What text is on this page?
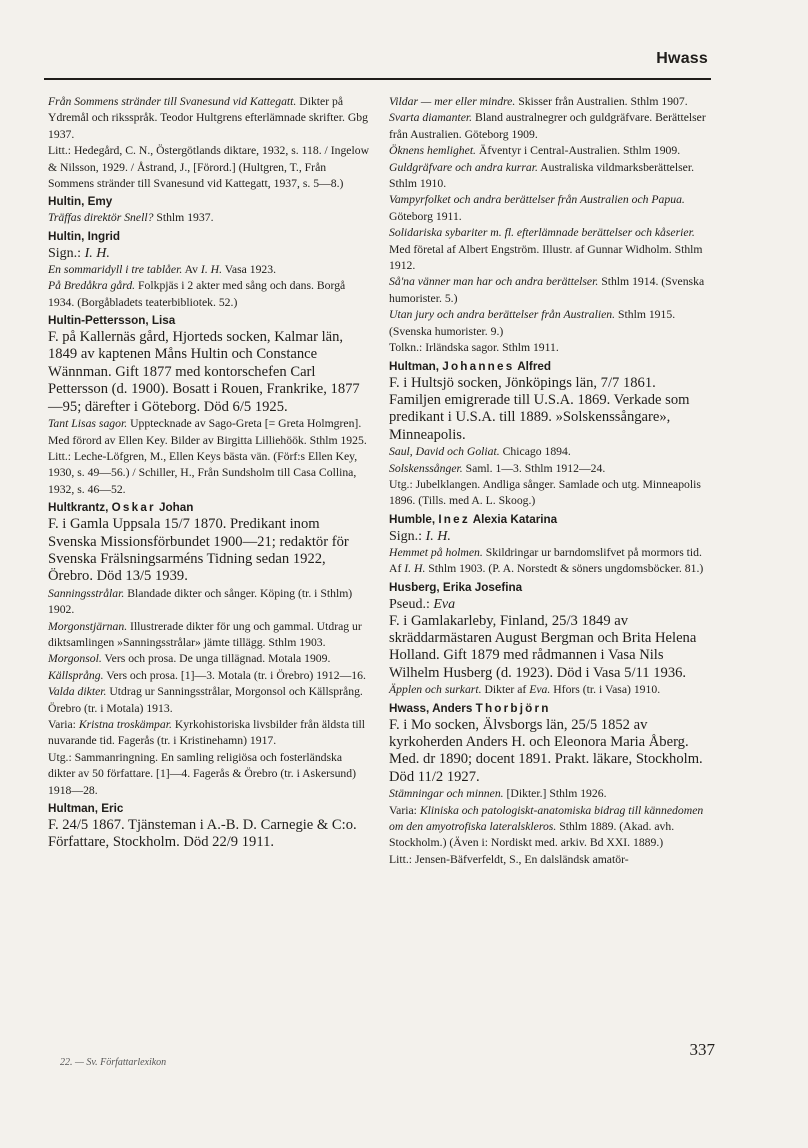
Hwass

Från Sommens stränder till Svanesund vid Kattegatt. Dikter på Ydremål och riksspråk. Teodor Hultgrens efterlämnade skrifter. Gbg 1937.

Litt.: Hedegård, C. N., Östergötlands diktare, 1932, s. 118. / Ingelow & Nilsson, 1929. / Åstrand, J., [Förord.] (Hultgren, T., Från Sommens stränder till Svanesund vid Kattegatt, 1937, s. 5—8.)

Hultin, Emy

Träffas direktör Snell? Sthlm 1937.

Hultin, Ingrid

Sign.: I. H.

En sommaridyll i tre tablåer. Av I. H. Vasa 1923.

På Bredåkra gård. Folkpjäs i 2 akter med sång och dans. Borgå 1934. (Borgåbladets teaterbibliotek. 52.)

Hultin-Pettersson, Lisa

F. på Kallernäs gård, Hjorteds socken, Kalmar län, 1849 av kaptenen Måns Hultin och Constance Wännman. Gift 1877 med kontorschefen Carl Pettersson (d. 1900). Bosatt i Rouen, Frankrike, 1877—95; därefter i Göteborg. Död 6/5 1925.

Tant Lisas sagor. Upptecknade av Sago-Greta [= Greta Holmgren]. Med förord av Ellen Key. Bilder av Birgitta Lilliehöök. Sthlm 1925.

Litt.: Leche-Löfgren, M., Ellen Keys bästa vän. (Förf:s Ellen Key, 1930, s. 49—56.) / Schiller, H., Från Sundsholm till Casa Collina, 1932, s. 46—52.

Hultkrantz, Oskar Johan

F. i Gamla Uppsala 15/7 1870. Predikant inom Svenska Missionsförbundet 1900—21; redaktör för Svenska Frälsningsarméns Tidning sedan 1922, Örebro. Död 13/5 1939.

Sanningsstrålar. Blandade dikter och sånger. Köping (tr. i Sthlm) 1902.

Morgonstjärnan. Illustrerade dikter för ung och gammal. Utdrag ur diktsamlingen »Sanningsstrålar» jämte tillägg. Sthlm 1903.

Morgonsol. Vers och prosa. De unga tillägnad. Motala 1909.

Källsprång. Vers och prosa. [1]—3. Motala (tr. i Örebro) 1912—16.

Valda dikter. Utdrag ur Sanningsstrålar, Morgonsol och Källsprång. Örebro (tr. i Motala) 1913.

Varia: Kristna troskämpar. Kyrkohistoriska livsbilder från äldsta till nuvarande tid. Fagerås (tr. i Kristinehamn) 1917.

Utg.: Sammanringning. En samling religiösa och fosterländska dikter av 50 författare. [1]—4. Fagerås & Örebro (tr. i Askersund) 1918—28.

Hultman, Eric

F. 24/5 1867. Tjänsteman i A.-B. D. Carnegie & C:o. Författare, Stockholm. Död 22/9 1911.

Vildar — mer eller mindre. Skisser från Australien. Sthlm 1907.

Svarta diamanter. Bland australnegrer och guldgräfvare. Berättelser från Australien. Göteborg 1909.

Öknens hemlighet. Äfventyr i Central-Australien. Sthlm 1909.

Guldgräfvare och andra kurrar. Australiska vildmarksberättelser. Sthlm 1910.

Vampyrfolket och andra berättelser från Australien och Papua. Göteborg 1911.

Solidariska sybariter m. fl. efterlämnade berättelser och kåserier. Med företal af Albert Engström. Illustr. af Gunnar Widholm. Sthlm 1912.

Så'na vänner man har och andra berättelser. Sthlm 1914. (Svenska humorister. 5.)

Utan jury och andra berättelser från Australien. Sthlm 1915. (Svenska humorister. 9.)

Tolkn.: Irländska sagor. Sthlm 1911.

Hultman, Johannes Alfred

F. i Hultsjö socken, Jönköpings län, 7/7 1861. Familjen emigrerade till U.S.A. 1869. Verkade som predikant i U.S.A. till 1889. »Solskenssångare», Minneapolis.

Saul, David och Goliat. Chicago 1894.

Solskenssånger. Saml. 1—3. Sthlm 1912—24.

Utg.: Jubelklangen. Andliga sånger. Samlade och utg. Minneapolis 1896. (Tills. med A. L. Skoog.)

Humble, Inez Alexia Katarina

Sign.: I. H.

Hemmet på holmen. Skildringar ur barndomslifvet på mormors tid. Af I. H. Sthlm 1903. (P. A. Norstedt & söners ungdomsböcker. 81.)

Husberg, Erika Josefina

Pseud.: Eva

F. i Gamlakarleby, Finland, 25/3 1849 av skräddarmästaren August Bergman och Brita Helena Holland. Gift 1879 med rådmannen i Vasa Nils Wilhelm Husberg (d. 1923). Död i Vasa 5/11 1936.

Äpplen och surkart. Dikter af Eva. Hfors (tr. i Vasa) 1910.

Hwass, Anders Thorbjörn

F. i Mo socken, Älvsborgs län, 25/5 1852 av kyrkoherden Anders H. och Eleonora Maria Åberg. Med. dr 1890; docent 1891. Prakt. läkare, Stockholm. Död 11/2 1927.

Stämningar och minnen. [Dikter.] Sthlm 1926.

Varia: Kliniska och patologiskt-anatomiska bidrag till kännedomen om den amyotrofiska lateralskleros. Sthlm 1889. (Akad. avh. Stockholm.) (Även i: Nordiskt med. arkiv. Bd XXI. 1889.)

Litt.: Jensen-Bäfverfeldt, S., En dalsländsk amatör-

22. — Sv. Författarlexikon
337
